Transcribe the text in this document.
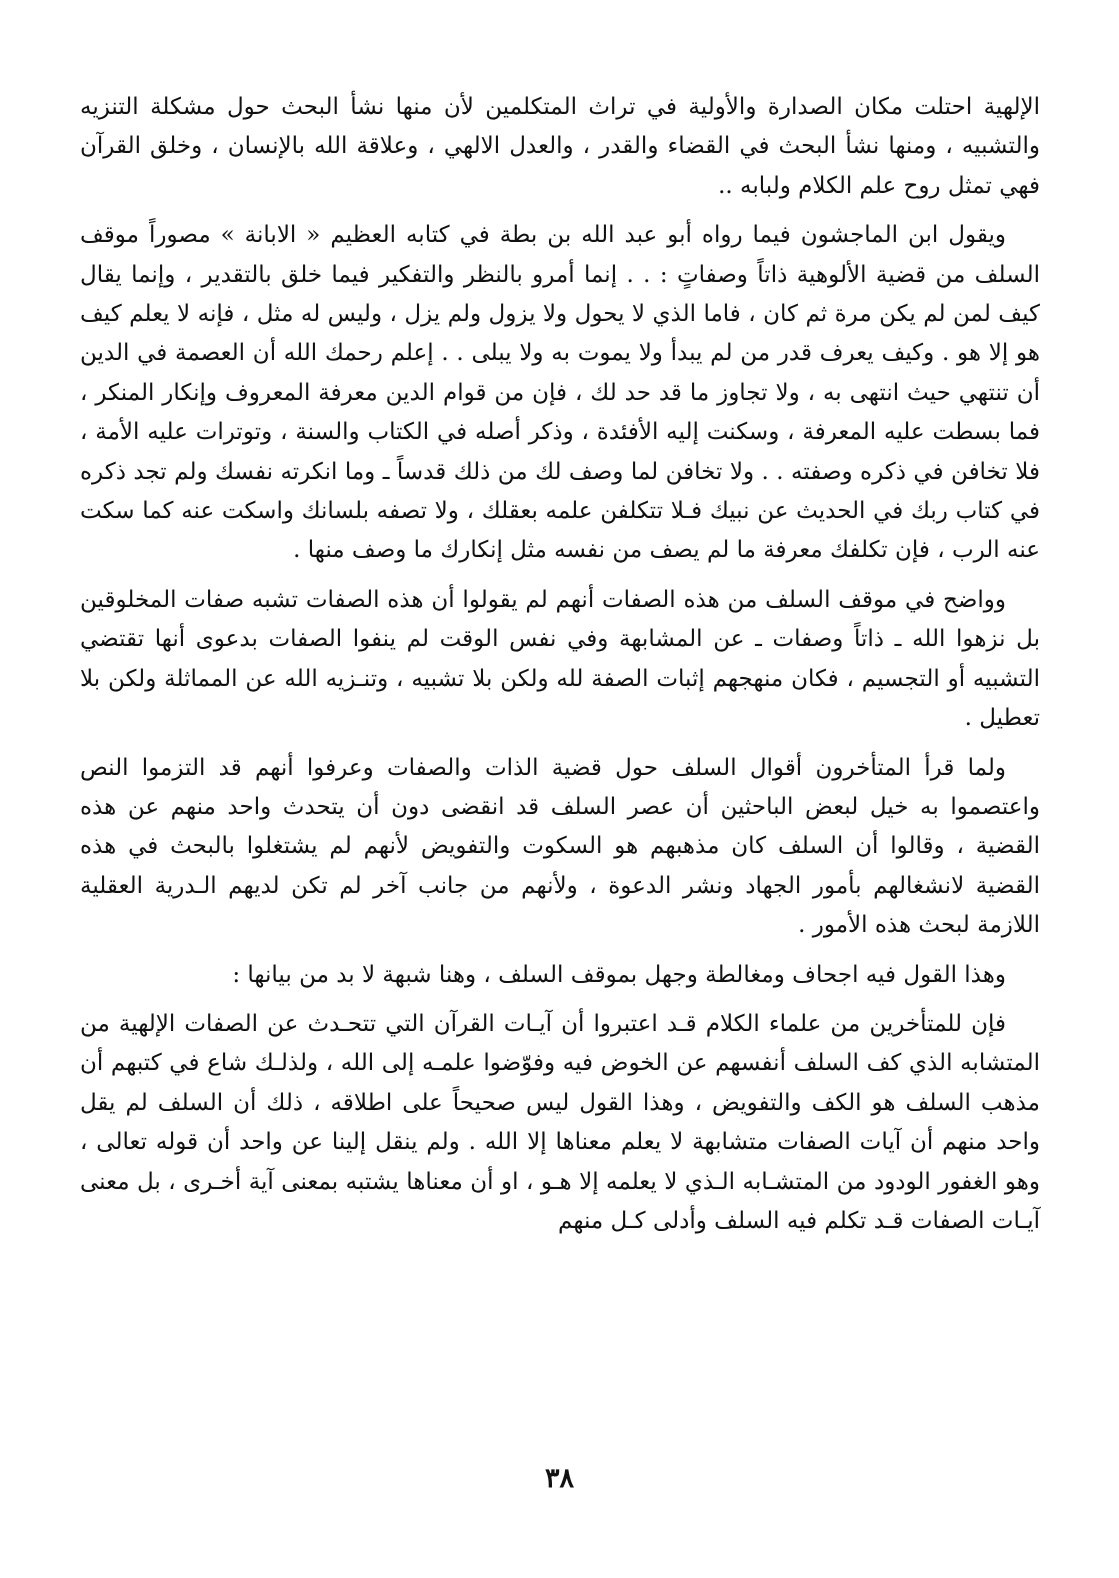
الإلهية احتلت مكان الصدارة والأولية في تراث المتكلمين لأن منها نشأ البحث حول مشكلة التنزيه والتشبيه ، ومنها نشأ البحث في القضاء والقدر ، والعدل الالهي ، وعلاقة الله بالإنسان ، وخلق القرآن فهي تمثل روح علم الكلام ولبابه ..

ويقول ابن الماجشون فيما رواه أبو عبد الله بن بطة في كتابه العظيم « الابانة » مصوراً موقف السلف من قضية الألوهية ذاتاً وصفاتٍ : . . إنما أمرو بالنظر والتفكير فيما خلق بالتقدير ، وإنما يقال كيف لمن لم يكن مرة ثم كان ، فاما الذي لا يحول ولا يزول ولم يزل ، وليس له مثل ، فإنه لا يعلم كيف هو إلا هو . وكيف يعرف قدر من لم يبدأ ولا يموت به ولا يبلى . . إعلم رحمك الله أن العصمة في الدين أن تنتهي حيث انتهى به ، ولا تجاوز ما قد حد لك ، فإن من قوام الدين معرفة المعروف وإنكار المنكر ، فما بسطت عليه المعرفة ، وسكنت إليه الأفئدة ، وذكر أصله في الكتاب والسنة ، وتوترات عليه الأمة ، فلا تخافن في ذكره وصفته . . ولا تخافن لما وصف لك من ذلك قدساً ـ وما انكرته نفسك ولم تجد ذكره في كتاب ربك في الحديث عن نبيك فـلا تتكلفن علمه بعقلك ، ولا تصفه بلسانك واسكت عنه كما سكت عنه الرب ، فإن تكلفك معرفة ما لم يصف من نفسه مثل إنكارك ما وصف منها .

وواضح في موقف السلف من هذه الصفات أنهم لم يقولوا أن هذه الصفات تشبه صفات المخلوقين بل نزهوا الله ـ ذاتاً وصفات ـ عن المشابهة وفي نفس الوقت لم ينفوا الصفات بدعوى أنها تقتضي التشبيه أو التجسيم ، فكان منهجهم إثبات الصفة لله ولكن بلا تشبيه ، وتنـزيه الله عن المماثلة ولكن بلا تعطيل .

ولما قرأ المتأخرون أقوال السلف حول قضية الذات والصفات وعرفوا أنهم قد التزموا النص واعتصموا به خيل لبعض الباحثين أن عصر السلف قد انقضى دون أن يتحدث واحد منهم عن هذه القضية ، وقالوا أن السلف كان مذهبهم هو السكوت والتفويض لأنهم لم يشتغلوا بالبحث في هذه القضية لانشغالهم بأمور الجهاد ونشر الدعوة ، ولأنهم من جانب آخر لم تكن لديهم الـدرية العقلية اللازمة لبحث هذه الأمور .

وهذا القول فيه اجحاف ومغالطة وجهل بموقف السلف ، وهنا شبهة لا بد من بيانها :

فإن للمتأخرين من علماء الكلام قـد اعتبروا أن آيـات القرآن التي تتحـدث عن الصفات الإلهية من المتشابه الذي كف السلف أنفسهم عن الخوض فيه وفوّضوا علمـه إلى الله ، ولذلـك شاع في كتبهم أن مذهب السلف هو الكف والتفويض ، وهذا القول ليس صحيحاً على اطلاقه ، ذلك أن السلف لم يقل واحد منهم أن آيات الصفات متشابهة لا يعلم معناها إلا الله . ولم ينقل إلينا عن واحد أن قوله تعالى ، وهو الغفور الودود من المتشـابه الـذي لا يعلمه إلا هـو ، او أن معناها يشتبه بمعنى آية أخـرى ، بل معنى آيـات الصفات قـد تكلم فيه السلف وأدلى كـل منهم

٣٨
